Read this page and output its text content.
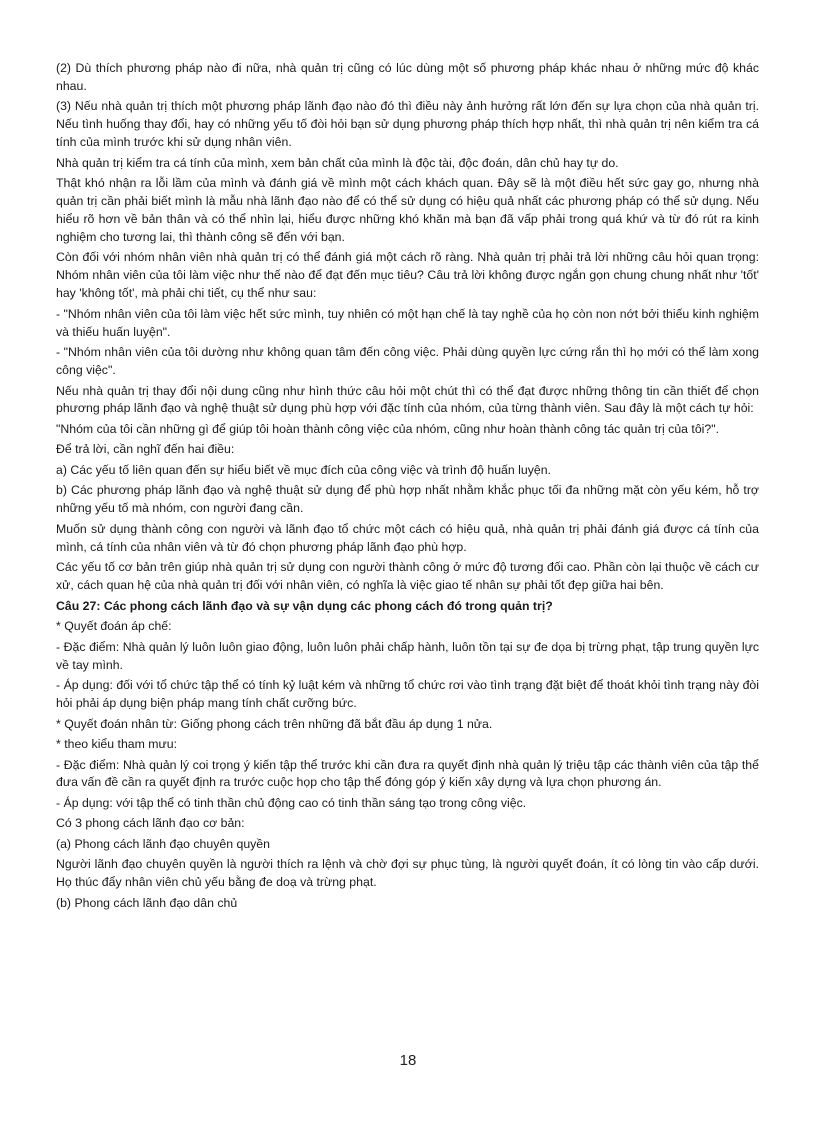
(2) Dù thích phương pháp nào đi nữa, nhà quản trị cũng có lúc dùng một số phương pháp khác nhau ở những mức độ khác nhau.

(3) Nếu nhà quản trị thích một phương pháp lãnh đạo nào đó thì điều này ảnh hưởng rất lớn đến sự lựa chọn của nhà quản trị. Nếu tình huống thay đổi, hay có những yếu tố đòi hỏi bạn sử dụng phương pháp thích hợp nhất, thì nhà quản trị nên kiểm tra cá tính của mình trước khi sử dụng nhân viên.

Nhà quản trị kiểm tra cá tính của mình, xem bản chất của mình là độc tài, độc đoán, dân chủ hay tự do.

Thật khó nhận ra lỗi lầm của mình và đánh giá về mình một cách khách quan. Đây sẽ là một điều hết sức gay go, nhưng nhà quản trị cần phải biết mình là mẫu nhà lãnh đạo nào để có thể sử dụng có hiệu quả nhất các phương pháp có thể sử dụng. Nếu hiểu rõ hơn về bản thân và có thể nhìn lại, hiểu được những khó khăn mà bạn đã vấp phải trong quá khứ và từ đó rút ra kinh nghiệm cho tương lai, thì thành công sẽ đến với bạn.

Còn đối với nhóm nhân viên nhà quản trị có thể đánh giá một cách rõ ràng. Nhà quản trị phải trả lời những câu hỏi quan trọng: Nhóm nhân viên của tôi làm việc như thế nào để đạt đến mục tiêu? Câu trả lời không được ngắn gọn chung chung nhất như 'tốt' hay 'không tốt', mà phải chi tiết, cụ thể như sau:

- "Nhóm nhân viên của tôi làm việc hết sức mình, tuy nhiên có một hạn chế là tay nghề của họ còn non nớt bởi thiếu kinh nghiệm và thiếu huấn luyện".

- "Nhóm nhân viên của tôi dường như không quan tâm đến công việc. Phải dùng quyền lực cứng rắn thì họ mới có thể làm xong công việc".

Nếu nhà quản trị thay đổi nội dung cũng như hình thức câu hỏi một chút thì có thể đạt được những thông tin cần thiết để chọn phương pháp lãnh đạo và nghệ thuật sử dụng phù hợp với đặc tính của nhóm, của từng thành viên. Sau đây là một cách tự hỏi:

"Nhóm của tôi cần những gì để giúp tôi hoàn thành công việc của nhóm, cũng như hoàn thành công tác quản trị của tôi?".

Để trả lời, cần nghĩ đến hai điều:

a) Các yếu tố liên quan đến sự hiểu biết về mục đích của công việc và trình độ huấn luyện.

b) Các phương pháp lãnh đạo và nghệ thuật sử dụng để phù hợp nhất nhằm khắc phục tối đa những mặt còn yếu kém, hỗ trợ những yếu tố mà nhóm, con người đang cần.

Muốn sử dụng thành công con người và lãnh đạo tổ chức một cách có hiệu quả, nhà quản trị phải đánh giá được cá tính của mình, cá tính của nhân viên và từ đó chọn phương pháp lãnh đạo phù hợp.

Các yếu tố cơ bản trên giúp nhà quản trị sử dụng con người thành công ở mức độ tương đối cao. Phần còn lại thuộc về cách cư xử, cách quan hệ của nhà quản trị đối với nhân viên, có nghĩa là việc giao tế nhân sự phải tốt đẹp giữa hai bên.

Câu 27: Các phong cách lãnh đạo và sự vận dụng các phong cách đó trong quản trị?

* Quyết đoán áp chế:

- Đặc điểm: Nhà quản lý luôn luôn giao động, luôn luôn phải chấp hành, luôn tồn tại sự đe dọa bị trừng phạt, tập trung quyền lực về tay mình.

- Áp dụng: đối với tổ chức tập thể có tính kỷ luật kém và những tổ chức rơi vào tình trạng đặt biệt để thoát khỏi tình trạng này đòi hỏi phải áp dụng biện pháp mang tính chất cưỡng bức.

* Quyết đoán nhân từ: Giống phong cách trên những đã bắt đầu áp dụng 1 nửa.

* theo kiểu tham mưu:

- Đặc điểm: Nhà quản lý coi trọng ý kiến tập thể trước khi cần đưa ra quyết định nhà quản lý triệu tập các thành viên của tập thể đưa vấn đề cần ra quyết định ra trước cuộc họp cho tập thể đóng góp ý kiến xây dựng và lựa chọn phương án.

- Áp dụng: với tập thể có tinh thần chủ động cao có tinh thần sáng tạo trong công việc.

Có 3 phong cách lãnh đạo cơ bản:

(a) Phong cách lãnh đạo chuyên quyền

Người lãnh đạo chuyên quyền là người thích ra lệnh và chờ đợi sự phục tùng, là người quyết đoán, ít có lòng tin vào cấp dưới. Họ thúc đẩy nhân viên chủ yếu bằng đe doạ và trừng phạt.

(b) Phong cách lãnh đạo dân chủ

18
